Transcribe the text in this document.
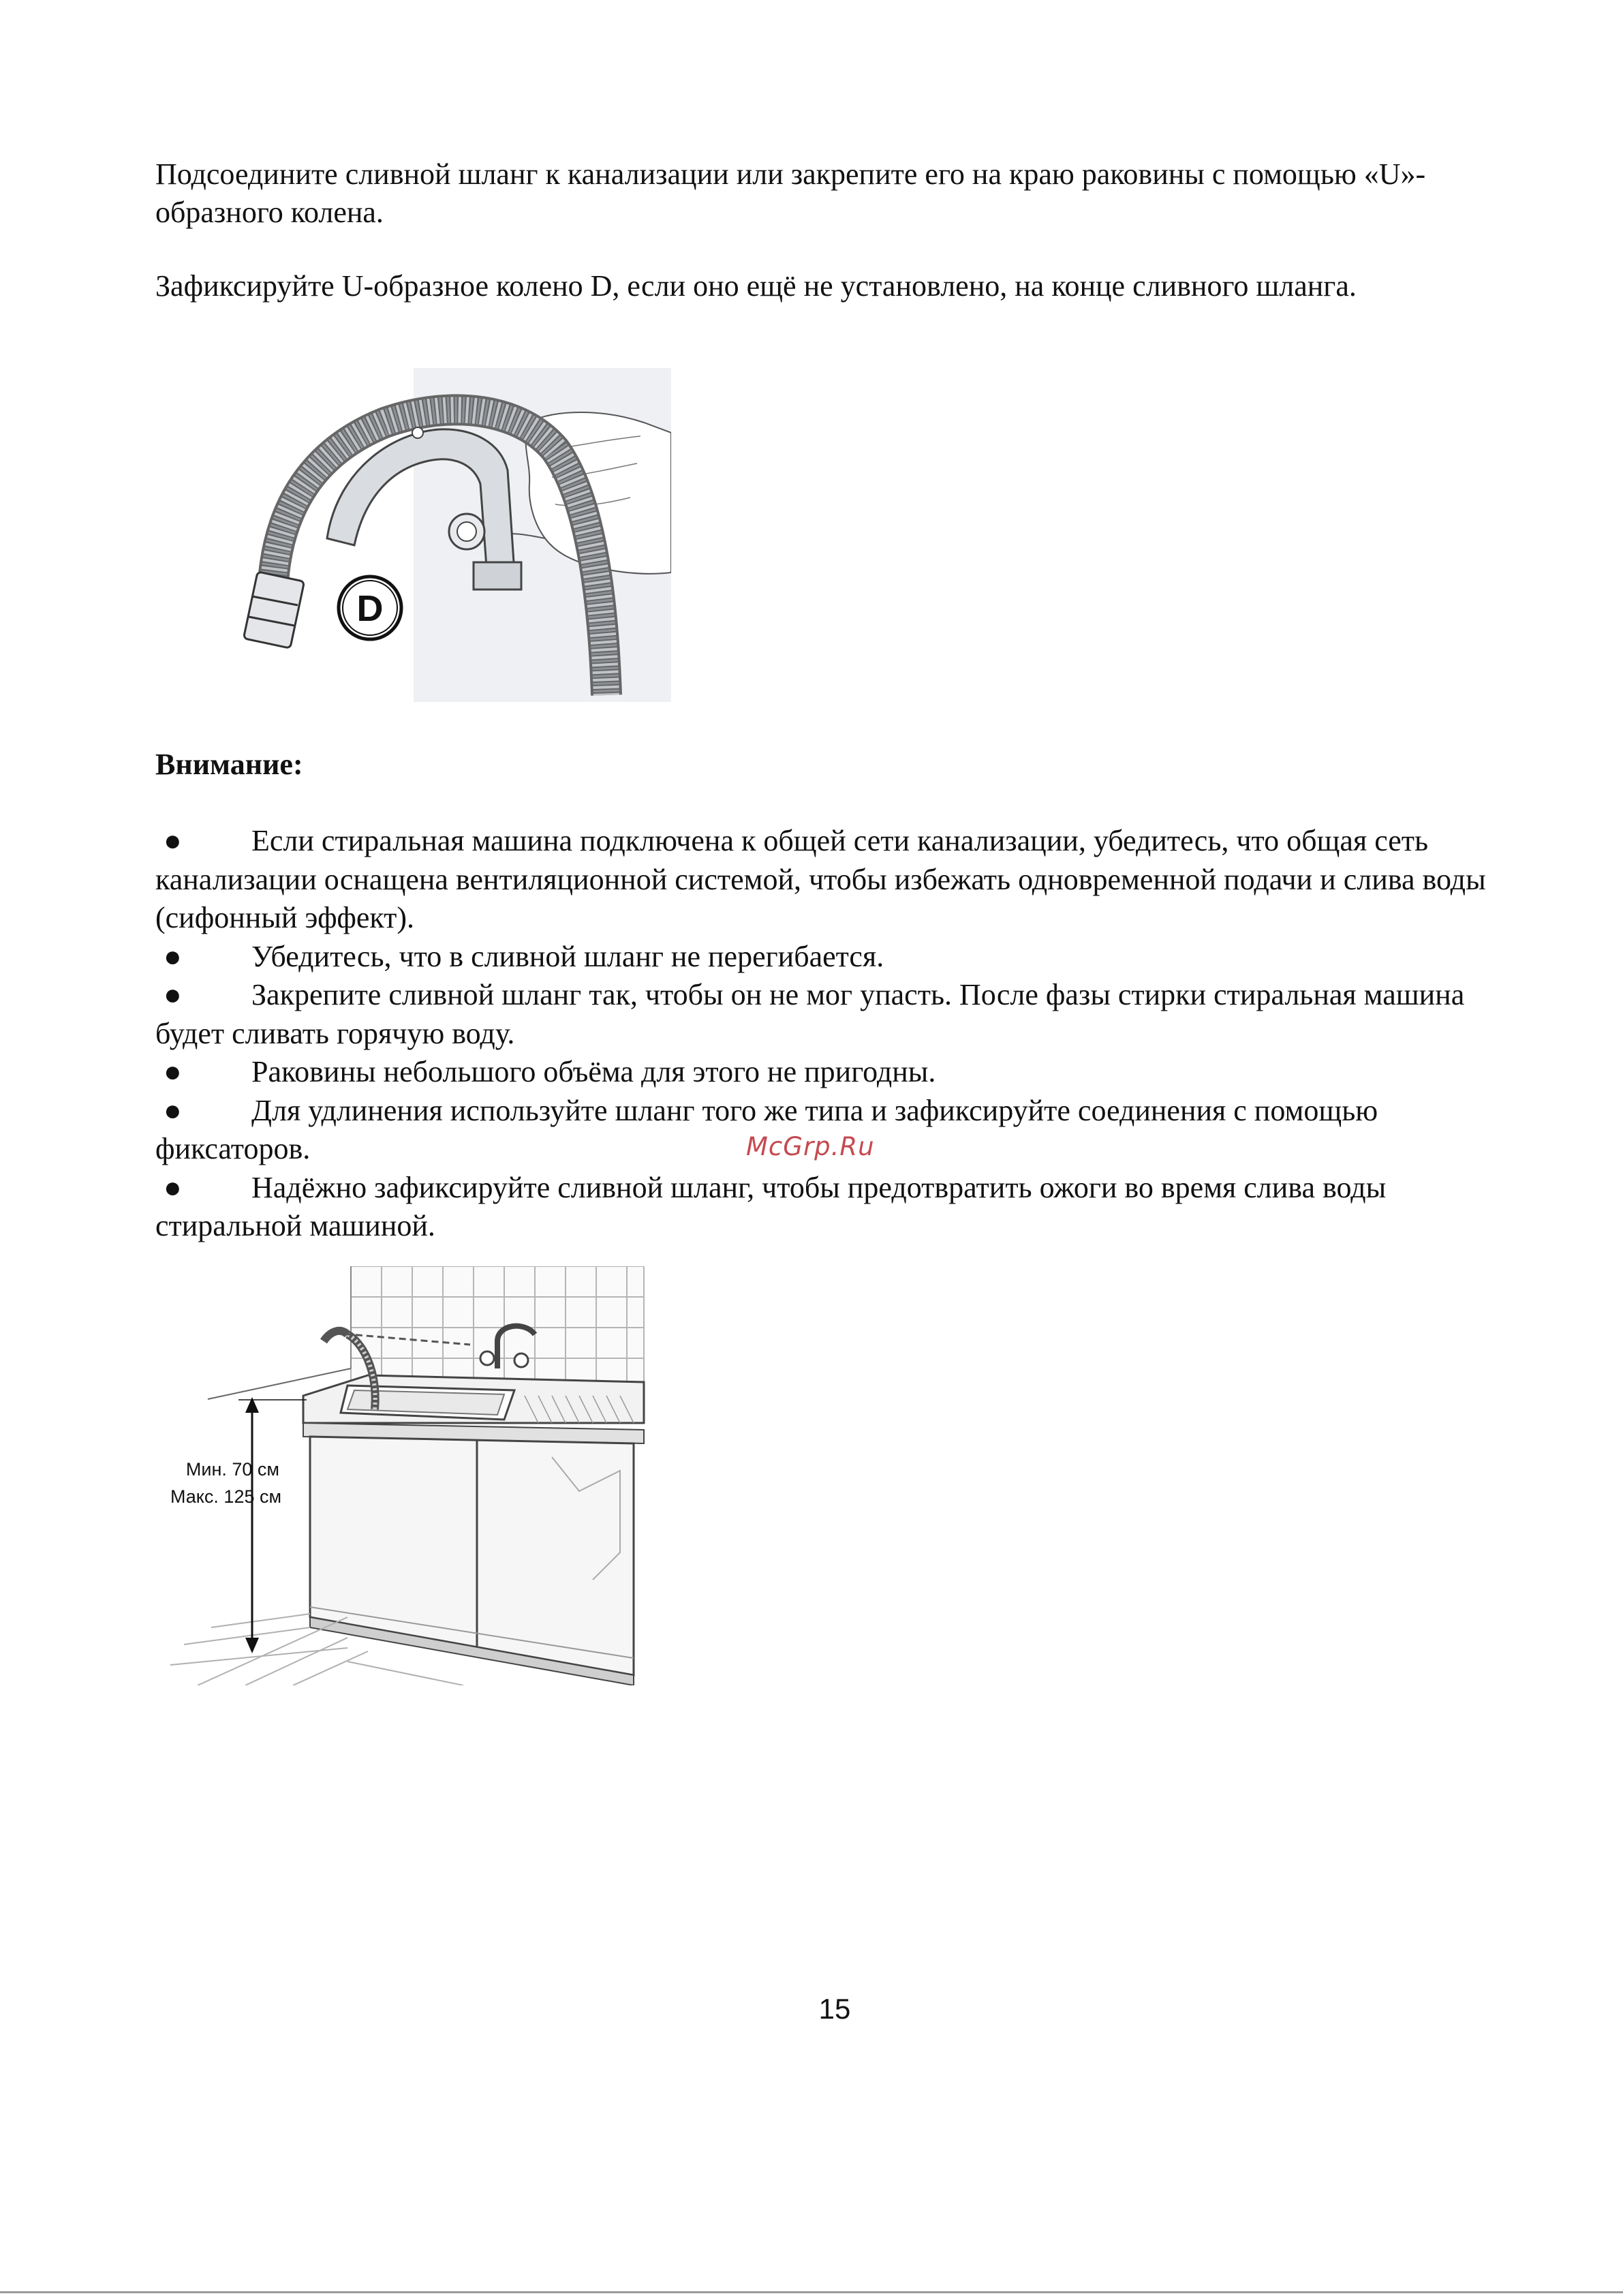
Подсоедините сливной шланг к канализации или закрепите его на краю раковины с помощью «U»-образного колена.

Зафиксируйте U-образное колено D, если оно ещё не установлено, на конце сливного шланга.

D

Внимание:

● Если стиральная машина подключена к общей сети канализации, убедитесь, что общая сеть канализации оснащена вентиляционной системой, чтобы избежать одновременной подачи и слива воды (сифонный эффект).
● Убедитесь, что в сливной шланг не перегибается.
● Закрепите сливной шланг так, чтобы он не мог упасть. После фазы стирки стиральная машина будет сливать горячую воду.
● Раковины небольшого объёма для этого не пригодны.
● Для удлинения используйте шланг того же типа и зафиксируйте соединения с помощью фиксаторов.
● Надёжно зафиксируйте сливной шланг, чтобы предотвратить ожоги во время слива воды стиральной машиной.
McGrp.Ru
Мин. 70 см
Макс. 125 см
15
